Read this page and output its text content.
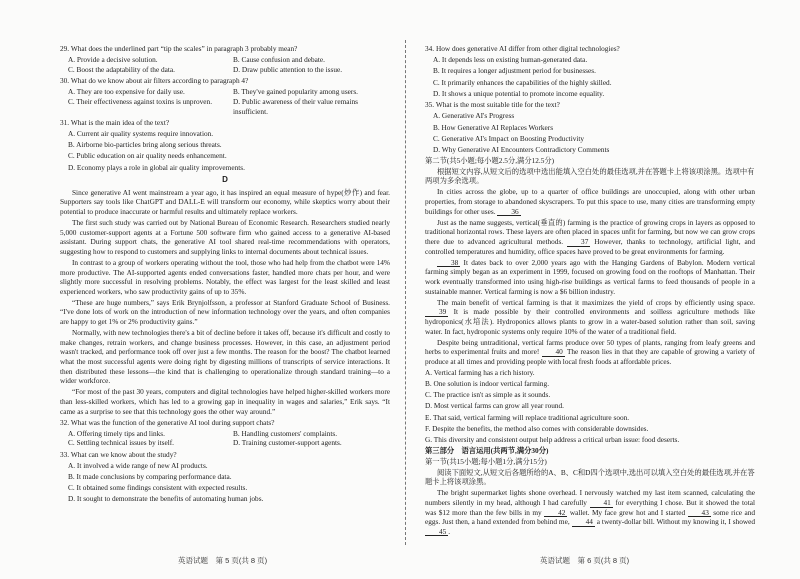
29. What does the underlined part “tip the scales” in paragraph 3 probably mean?
A. Provide a decisive solution.	B. Cause confusion and debate.
C. Boost the adaptability of the data.	D. Draw public attention to the issue.
30. What do we know about air filters according to paragraph 4?
A. They are too expensive for daily use.	B. They've gained popularity among users.
C. Their effectiveness against toxins is unproven.	D. Public awareness of their value remains insufficient.
31. What is the main idea of the text?
A. Current air quality systems require innovation.
B. Airborne bio-particles bring along serious threats.
C. Public education on air quality needs enhancement.
D. Economy plays a role in global air quality improvements.
D
Since generative AI went mainstream a year ago, it has inspired an equal measure of hype(炒作) and fear. Supporters say tools like ChatGPT and DALL-E will transform our economy, while skeptics worry about their potential to produce inaccurate or harmful results and ultimately replace workers.
The first such study was carried out by National Bureau of Economic Research. Researchers studied nearly 5,000 customer-support agents at a Fortune 500 software firm who gained access to a generative AI-based assistant. During support chats, the generative AI tool shared real-time recommendations with operators, suggesting how to respond to customers and supplying links to internal documents about technical issues.
In contrast to a group of workers operating without the tool, those who had help from the chatbot were 14% more productive. The AI-supported agents ended conversations faster, handled more chats per hour, and were slightly more successful in resolving problems. Notably, the effect was largest for the least skilled and least experienced workers, who saw productivity gains of up to 35%.
“These are huge numbers,” says Erik Brynjolfsson, a professor at Stanford Graduate School of Business. “I've done lots of work on the introduction of new information technology over the years, and often companies are happy to get 1% or 2% productivity gains.”
Normally, with new technologies there's a bit of decline before it takes off, because it's difficult and costly to make changes, retrain workers, and change business processes. However, in this case, an adjustment period wasn't tracked, and performance took off over just a few months. The reason for the boost? The chatbot learned what the most successful agents were doing right by digesting millions of transcripts of service interactions. It then distributed these lessons—the kind that is challenging to operationalize through standard training—to a wider workforce.
“For most of the past 30 years, computers and digital technologies have helped higher-skilled workers more than less-skilled workers, which has led to a growing gap in inequality in wages and salaries,” Erik says. “It came as a surprise to see that this technology goes the other way around.”
32. What was the function of the generative AI tool during support chats?
A. Offering timely tips and links.	B. Handling customers' complaints.
C. Settling technical issues by itself.	D. Training customer-support agents.
33. What can we know about the study?
A. It involved a wide range of new AI products.
B. It made conclusions by comparing performance data.
C. It obtained some findings consistent with expected results.
D. It sought to demonstrate the benefits of automating human jobs.
34. How does generative AI differ from other digital technologies?
A. It depends less on existing human-generated data.
B. It requires a longer adjustment period for businesses.
C. It primarily enhances the capabilities of the highly skilled.
D. It shows a unique potential to promote income equality.
35. What is the most suitable title for the text?
A. Generative AI's Progress
B. How Generative AI Replaces Workers
C. Generative AI's Impact on Boosting Productivity
D. Why Generative AI Encounters Contradictory Comments
第二节(共5小题;每小题2.5分,满分12.5分)
根据短文内容,从短文后的选项中选出能填入空白处的最佳选项,并在答题卡上将该项涂黑。选项中有两项为多余选项。
In cities across the globe, up to a quarter of office buildings are unoccupied, along with other urban properties, from storage to abandoned skyscrapers. To put this space to use, many cities are transforming empty buildings for other uses. 36
Just as the name suggests, vertical(垂直的) farming is the practice of growing crops in layers as opposed to traditional horizontal rows. These layers are often placed in spaces unfit for farming, but now we can grow crops there due to advanced agricultural methods. 37 However, thanks to technology, artificial light, and controlled temperatures and humidity, office spaces have proved to be great environments for farming.
38 It dates back to over 2,000 years ago with the Hanging Gardens of Babylon. Modern vertical farming simply began as an experiment in 1999, focused on growing food on the rooftops of Manhattan. Their work eventually transformed into using high-rise buildings as vertical farms to feed thousands of people in a sustainable manner. Vertical farming is now a $6 billion industry.
The main benefit of vertical farming is that it maximizes the yield of crops by efficiently using space. 39 It is made possible by their controlled environments and soilless agriculture methods like hydroponics(水培法). Hydroponics allows plants to grow in a water-based solution rather than soil, saving water. In fact, hydroponic systems only require 10% of the water of a traditional field.
Despite being untraditional, vertical farms produce over 50 types of plants, ranging from leafy greens and herbs to experimental fruits and more! 40 The reason lies in that they are capable of growing a variety of produce at all times and providing people with local fresh foods at affordable prices.
A. Vertical farming has a rich history.
B. One solution is indoor vertical farming.
C. The practice isn't as simple as it sounds.
D. Most vertical farms can grow all year round.
E. That said, vertical farming will replace traditional agriculture soon.
F. Despite the benefits, the method also comes with considerable downsides.
G. This diversity and consistent output help address a critical urban issue: food deserts.
第三部分　语言运用(共两节,满分30分)
第一节(共15小题;每小题1分,满分15分)
阅读下面短文,从短文后各题所给的A、B、C和D四个选项中,选出可以填入空白处的最佳选项,并在答题卡上将该项涂黑。
The bright supermarket lights shone overhead. I nervously watched my last item scanned, calculating the numbers silently in my head, although I had carefully 41 for everything I chose. But it showed the total was $12 more than the few bills in my 42 wallet. My face grew hot and I started 43 some rice and eggs. Just then, a hand extended from behind me, 44 a twenty-dollar bill. Without my knowing it, I showed 45 .
英语试题　第 5 页(共 8 页)	英语试题　第 6 页(共 8 页)
